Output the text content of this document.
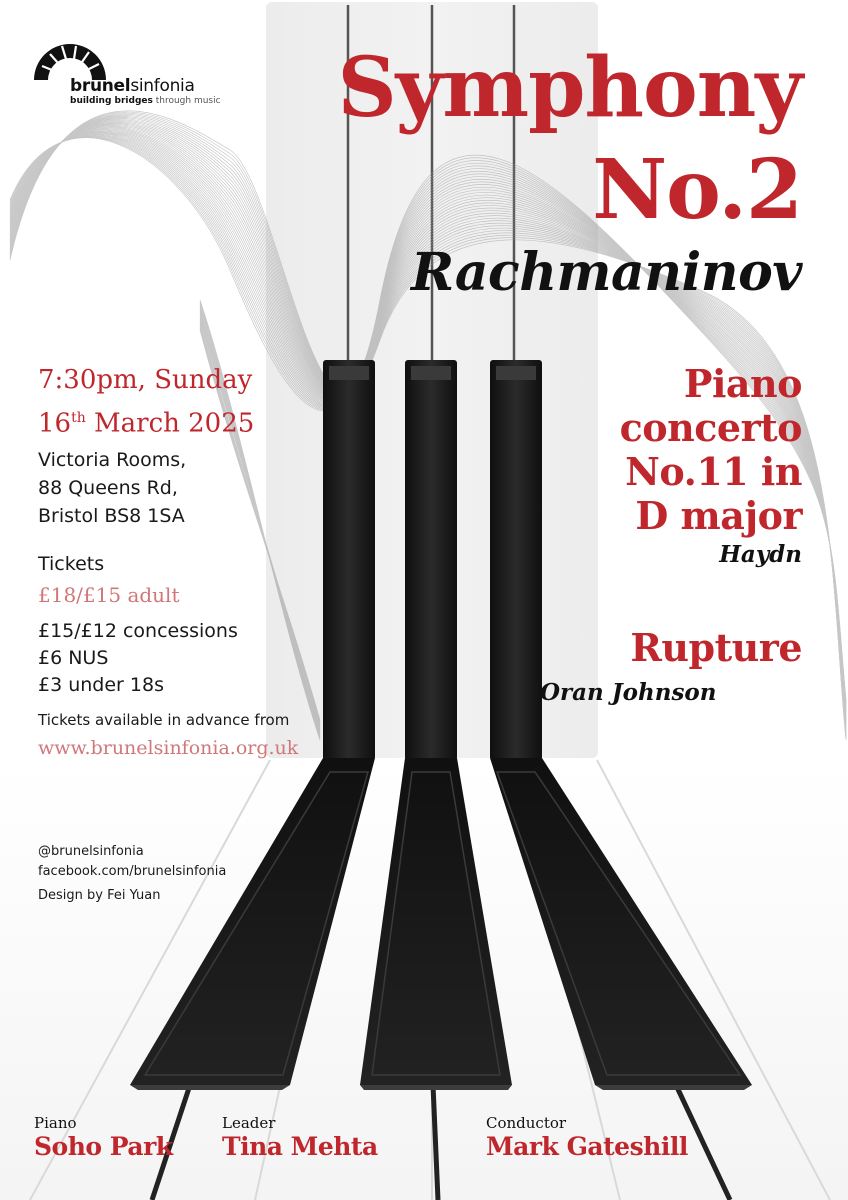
brunelsinfonia
building bridges through music Symphony
No.2
Rachmaninov
Piano
concerto
No.11 in
D major
Haydn
Rupture
Oran Johnson
7:30pm, Sunday
16th March 2025
Victoria Rooms,
88 Queens Rd,
Bristol BS8 1SA
Tickets
£18/£15 adult
£15/£12 concessions
£6 NUS
£3 under 18s
Tickets available in advance from
www.brunelsinfonia.org.uk
@brunelsinfonia
facebook.com/brunelsinfonia
Design by Fei Yuan
Piano
Soho Park
Leader
Tina Mehta
Conductor
Mark Gateshill
